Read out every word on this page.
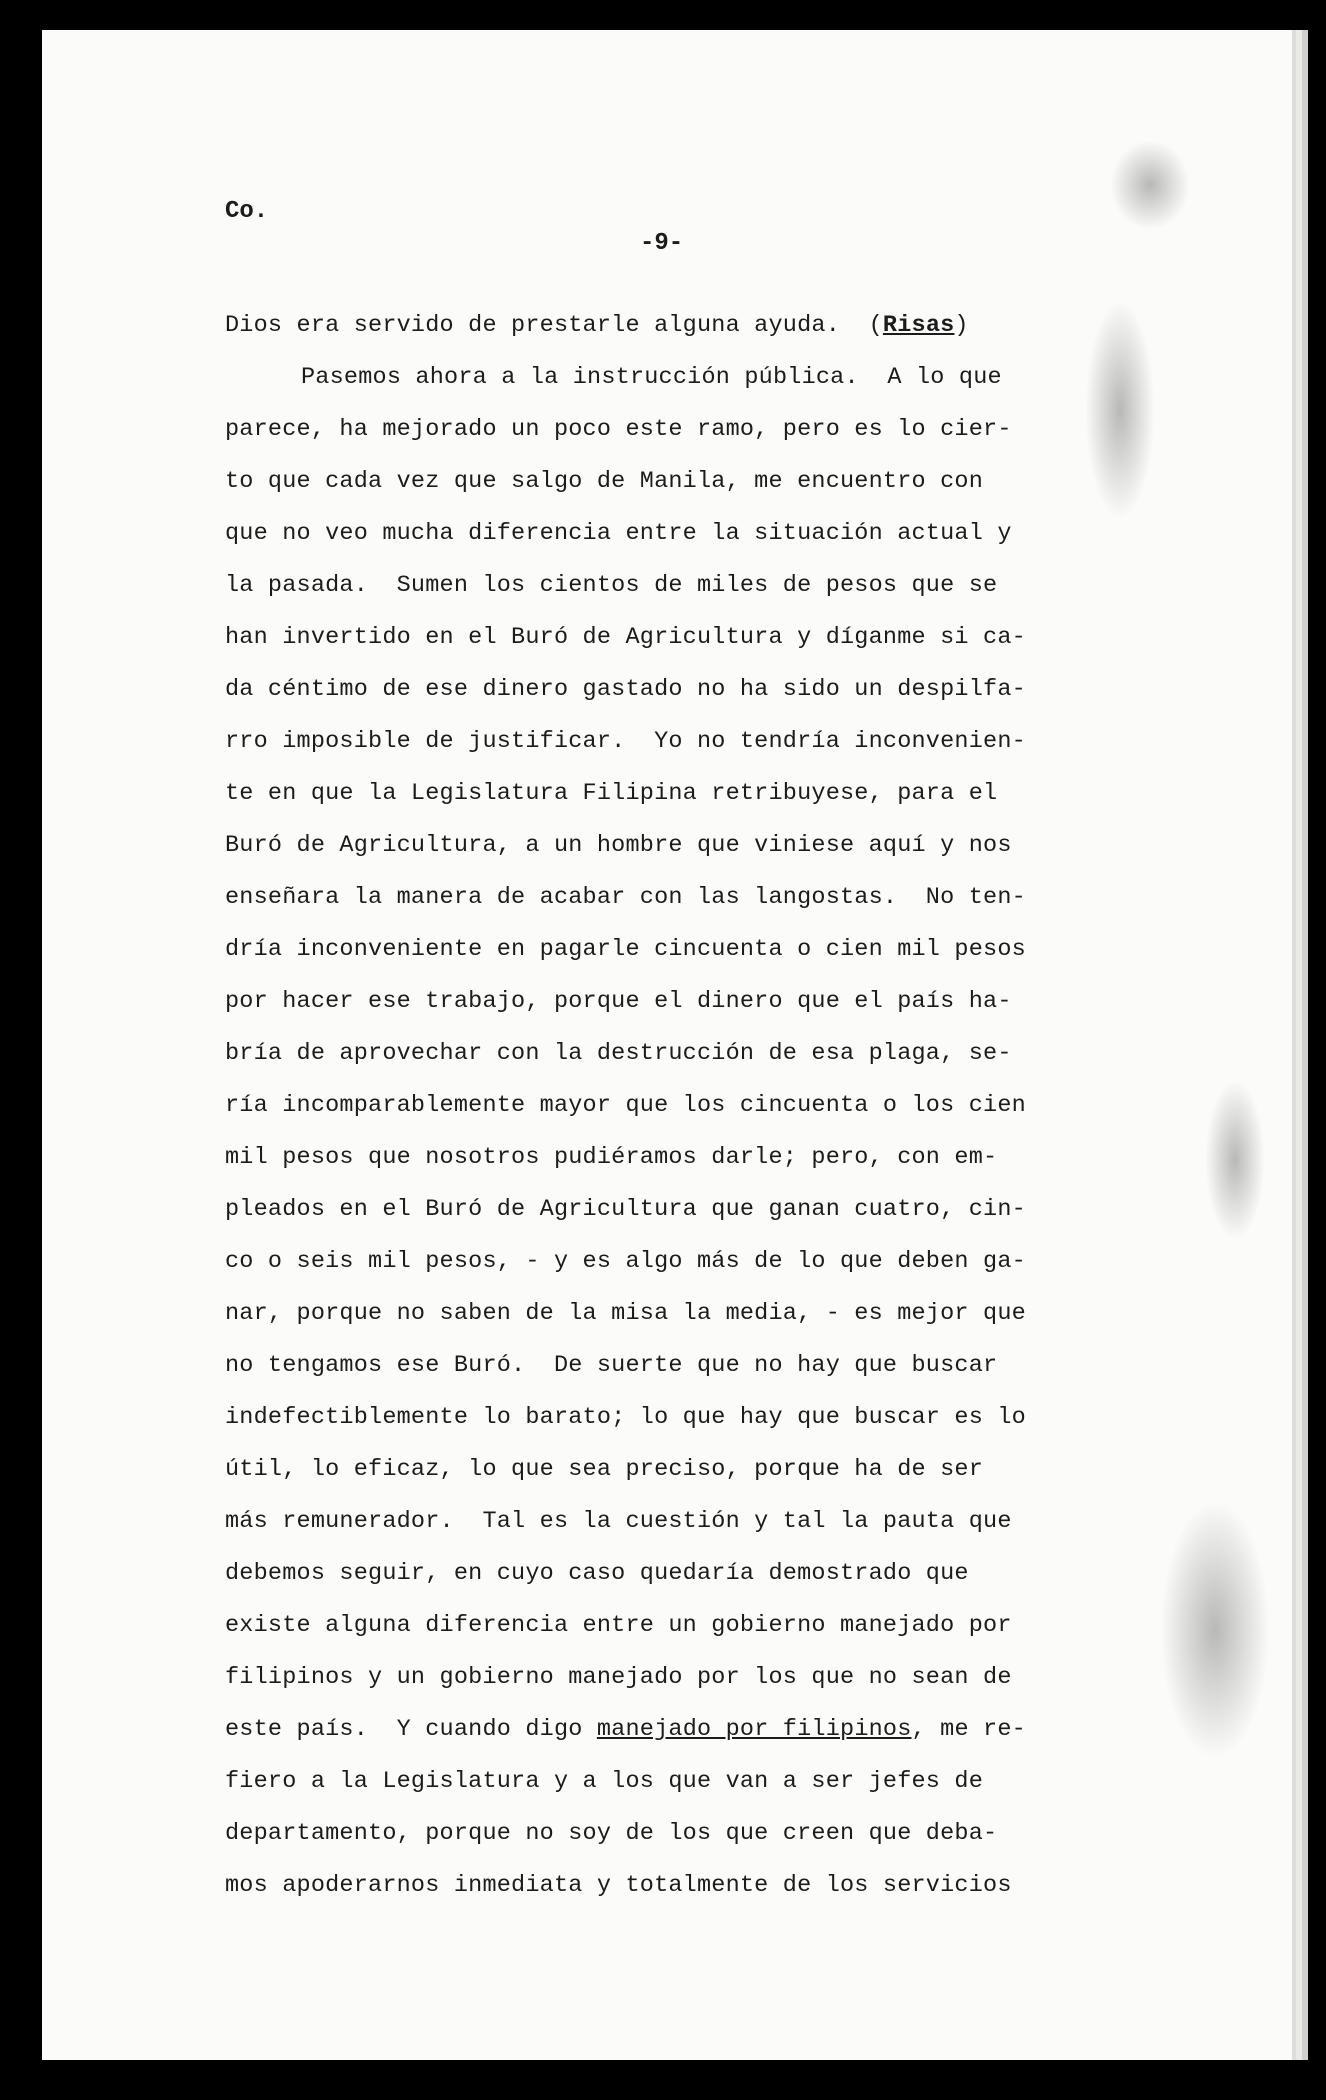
Co.
-9-
Dios era servido de prestarle alguna ayuda.  (Risas)
Pasemos ahora a la instrucción pública.  A lo que
parece, ha mejorado un poco este ramo, pero es lo cier-
to que cada vez que salgo de Manila, me encuentro con
que no veo mucha diferencia entre la situación actual y
la pasada.  Sumen los cientos de miles de pesos que se
han invertido en el Buró de Agricultura y díganme si ca-
da céntimo de ese dinero gastado no ha sido un despilfa-
rro imposible de justificar.  Yo no tendría inconvenien-
te en que la Legislatura Filipina retribuyese, para el
Buró de Agricultura, a un hombre que viniese aquí y nos
enseñara la manera de acabar con las langostas.  No ten-
dría inconveniente en pagarle cincuenta o cien mil pesos
por hacer ese trabajo, porque el dinero que el país ha-
bría de aprovechar con la destrucción de esa plaga, se-
ría incomparablemente mayor que los cincuenta o los cien
mil pesos que nosotros pudiéramos darle; pero, con em-
pleados en el Buró de Agricultura que ganan cuatro, cin-
co o seis mil pesos, - y es algo más de lo que deben ga-
nar, porque no saben de la misa la media, - es mejor que
no tengamos ese Buró.  De suerte que no hay que buscar
indefectiblemente lo barato; lo que hay que buscar es lo
útil, lo eficaz, lo que sea preciso, porque ha de ser
más remunerador.  Tal es la cuestión y tal la pauta que
debemos seguir, en cuyo caso quedaría demostrado que
existe alguna diferencia entre un gobierno manejado por
filipinos y un gobierno manejado por los que no sean de
este país.  Y cuando digo manejado por filipinos, me re-
fiero a la Legislatura y a los que van a ser jefes de
departamento, porque no soy de los que creen que deba-
mos apoderarnos inmediata y totalmente de los servicios
